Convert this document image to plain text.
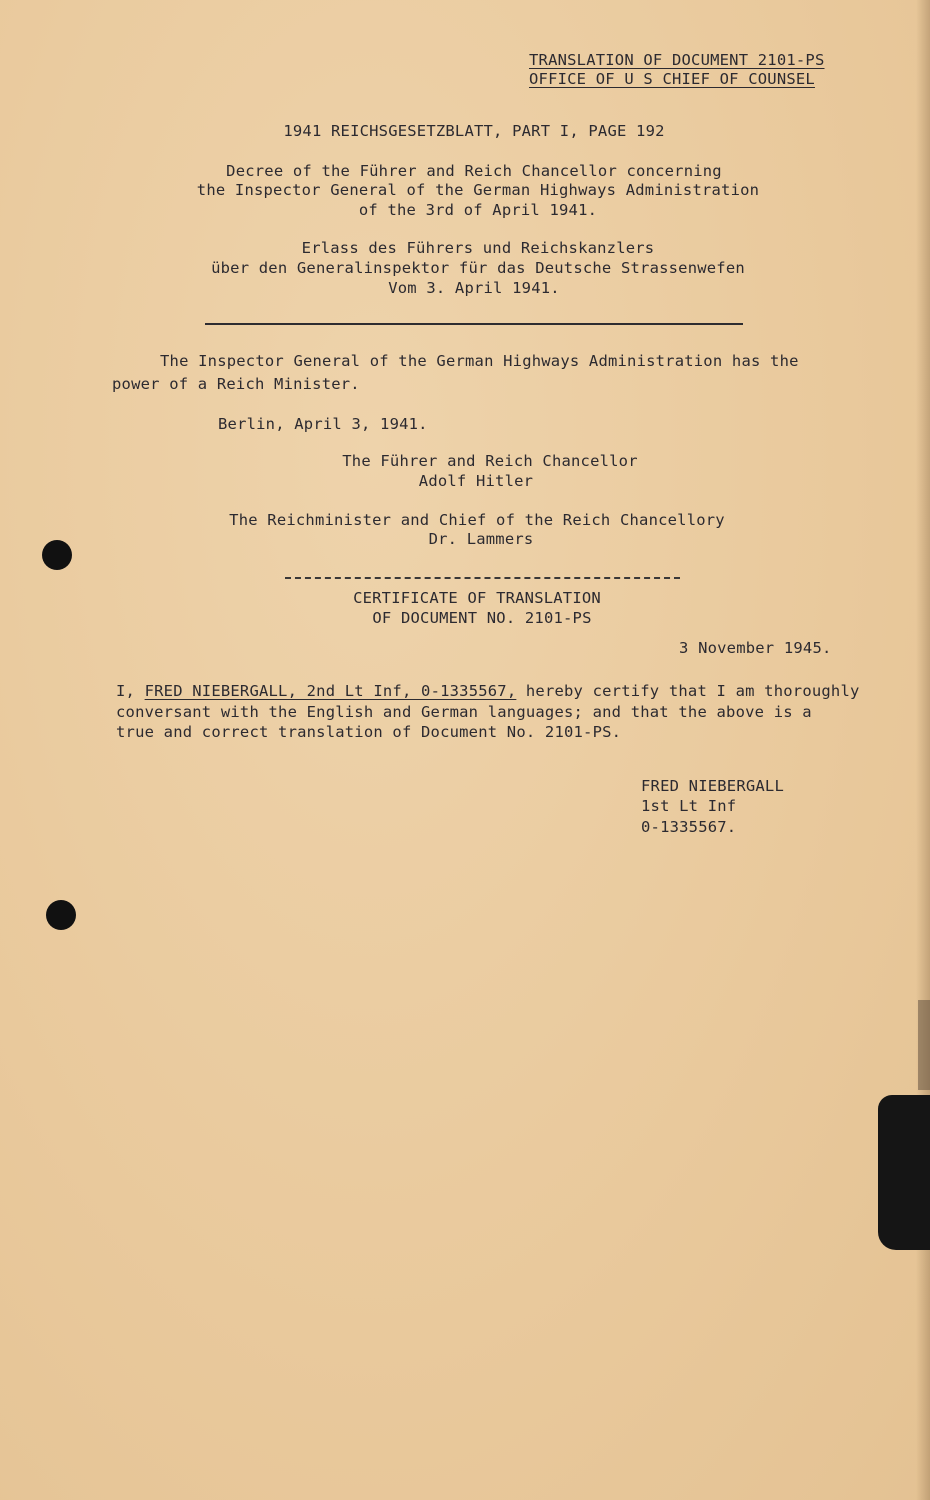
TRANSLATION OF DOCUMENT 2101-PS
OFFICE OF U S CHIEF OF COUNSEL
1941 REICHSGESETZBLATT, PART I, PAGE 192
Decree of the Führer and Reich Chancellor concerning
the Inspector General of the German Highways Administration
of the 3rd of April 1941.
Erlass des Führers und Reichskanzlers
über den Generalinspektor für das Deutsche Strassenwefen
Vom 3. April 1941.
The Inspector General of the German Highways Administration has the
power of a Reich Minister.
Berlin, April 3, 1941.
The Führer and Reich Chancellor
Adolf Hitler
The Reichminister and Chief of the Reich Chancellory
Dr. Lammers
CERTIFICATE OF TRANSLATION
OF DOCUMENT NO. 2101-PS
3 November 1945.
I, FRED NIEBERGALL, 2nd Lt Inf, 0-1335567, hereby certify that I am thoroughly
conversant with the English and German languages; and that the above is a
true and correct translation of Document No. 2101-PS.
FRED NIEBERGALL
1st Lt Inf
0-1335567.
